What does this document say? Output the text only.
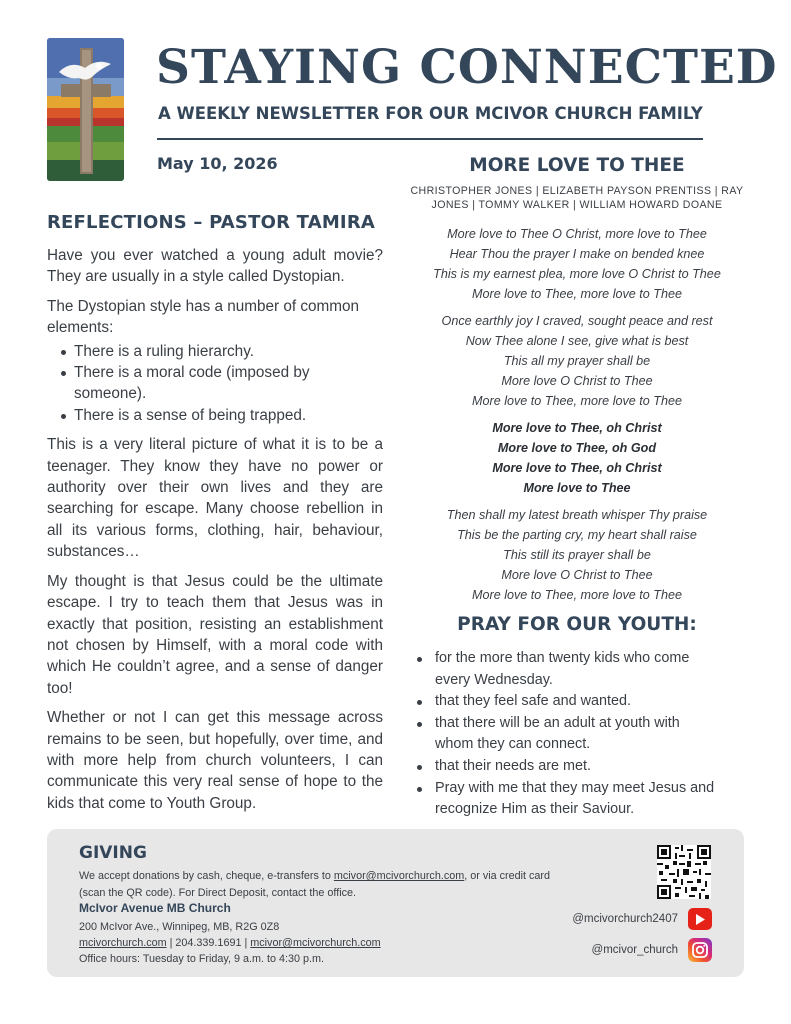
STAYING CONNECTED
A WEEKLY NEWSLETTER FOR OUR MCIVOR CHURCH FAMILY
May 10, 2026
REFLECTIONS – PASTOR TAMIRA

Have you ever watched a young adult movie? They are usually in a style called Dystopian.

The Dystopian style has a number of common elements:

There is a ruling hierarchy.
There is a moral code (imposed by someone).
There is a sense of being trapped.

This is a very literal picture of what it is to be a teenager. They know they have no power or authority over their own lives and they are searching for escape. Many choose rebellion in all its various forms, clothing, hair, behaviour, substances…

My thought is that Jesus could be the ultimate escape. I try to teach them that Jesus was in exactly that position, resisting an establishment not chosen by Himself, with a moral code with which He couldn’t agree, and a sense of danger too!

Whether or not I can get this message across remains to be seen, but hopefully, over time, and with more help from church volunteers, I can communicate this very real sense of hope to the kids that come to Youth Group.

MORE LOVE TO THEE
CHRISTOPHER JONES | ELIZABETH PAYSON PRENTISS | RAY JONES | TOMMY WALKER | WILLIAM HOWARD DOANE
More love to Thee O Christ, more love to Thee
Hear Thou the prayer I make on bended knee
This is my earnest plea, more love O Christ to Thee
More love to Thee, more love to Thee
Once earthly joy I craved, sought peace and rest
Now Thee alone I see, give what is best
This all my prayer shall be
More love O Christ to Thee
More love to Thee, more love to Thee
More love to Thee, oh Christ
More love to Thee, oh God
More love to Thee, oh Christ
More love to Thee
Then shall my latest breath whisper Thy praise
This be the parting cry, my heart shall raise
This still its prayer shall be
More love O Christ to Thee
More love to Thee, more love to Thee
PRAY FOR OUR YOUTH:
for the more than twenty kids who come every Wednesday.
that they feel safe and wanted.
that there will be an adult at youth with whom they can connect.
that their needs are met.
Pray with me that they may meet Jesus and recognize Him as their Saviour.
GIVING
We accept donations by cash, cheque, e-transfers to mcivor@mcivorchurch.com, or via credit card (scan the QR code). For Direct Deposit, contact the office.
McIvor Avenue MB Church
200 McIvor Ave., Winnipeg, MB, R2G 0Z8
mcivorchurch.com | 204.339.1691 | mcivor@mcivorchurch.com
Office hours: Tuesday to Friday, 9 a.m. to 4:30 p.m.
@mcivorchurch2407
@mcivor_church
